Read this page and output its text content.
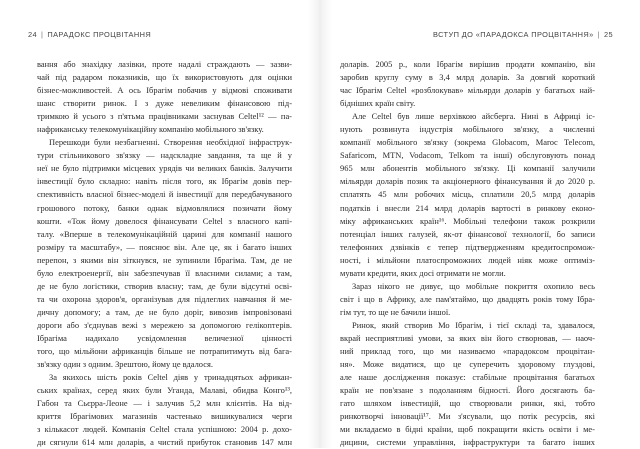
24 | ПАРАДОКС ПРОЦВІТАННЯ
вання або знахідку лазівки, проте надалі страждають — зазви-
чай під радаром показників, що їх використовують для оцінки
бізнес-можливостей. А ось Ібрагім побачив у відмові споживати
шанс створити ринок. І з дуже невеликим фінансовою під-
тримкою й усього з п'ятьма працівниками заснував Celtel¹² — па-
нафриканську телекомунікаційну компанію мобільного зв'язку.
Перешкоди були незбагненні. Створення необхідної інфраструк-
тури стільникового зв'язку — надскладне завдання, та ще й у
неї не було підтримки місцевих урядів чи великих банків. Залучити
інвестиції було складно: навіть після того, як Ібрагім довів пер-
спективність власної бізнес-моделі й інвестиції для передбачуваного
грошового потоку, банки однак відмовлялися позичати йому
кошти. «Тож йому довелося фінансувати Celtel з власного капі-
талу. «Вперше в телекомунікаційній царині для компанії нашого
розміру та масштабу», — пояснює він. Але це, як і багато інших
перепон, з якими він зіткнувся, не зупинили Ібрагіма. Там, де не
було електроенергії, він забезпечував її власними силами; а там,
де не було логістики, створив власну; там, де були відсутні осві-
та чи охорона здоров'я, організував для підлеглих навчання й ме-
дичну допомогу; а там, де не було доріг, вивозив імпровізовані
дороги або з'єднував вежі з мережею за допомогою гелікоптерів.
Ібрагіма надихало усвідомлення величезної цінності
того, що мільйони африканців більше не потрапитимуть від бага-
зв'язку один з одним. Зрештою, йому це вдалося.
За якихось шість років Celtel діяв у тринадцятьох африкан-
ських країнах, серед яких були Уганда, Малаві, обидва Конго¹³,
Габон та Сьєрра-Леоне — і залучив 5,2 млн клієнтів. На від-
криття Ібрагімових магазинів частенько вишикувалися черги
з кількасот людей. Компанія Celtel стала успішною: 2004 р. дохо-
ди сягнули 614 млн доларів, а чистий прибуток становив 147 млн
ВСТУП ДО «ПАРАДОКСА ПРОЦВІТАННЯ» | 25
доларів. 2005 р., коли Ібрагім вирішив продати компанію, він
заробив круглу суму в 3,4 млрд доларів. За довгий короткий
час Ібрагім Celtel «розблокував» мільярди доларів у багатьох най-
бідніших країн світу.
Але Celtel був лише верхівкою айсберга. Нині в Африці іс-
нують розвинута індустрія мобільного зв'язку, а численні
компанії мобільного зв'язку (зокрема Globacom, Maroc Telecom,
Safaricom, MTN, Vodacom, Telkom та інші) обслуговують понад
965 млн абонентів мобільного зв'язку. Ці компанії залучили
мільярди доларів позик та акціонерного фінансування й до 2020 р.
сплатять 45 млн робочих місць, сплатили 20,5 млрд доларів
податків і внесли 214 млрд доларів вартості в ринкову еконо-
міку африканських країн¹⁶. Мобільні телефони також розкрили
потенціал інших галузей, як-от фінансової технології, бо записи
телефонних дзвінків є тепер підтвердженням кредитоспромож-
ності, і мільйони платоспроможних людей ніяк може оптиміз-
мувати кредити, яких досі отримати не могли.
Зараз нікого не дивує, що мобільне покриття охопило весь
світ і що в Африку, але пам'ятаймо, що двадцять років тому Ібра-
гім тут, то ще не бачили іншої.
Ринок, який створив Мо Ібрагім, і тієї складі та, здавалося,
вкрай несприятливі умови, за яких він його створював, — наоч-
ний приклад того, що ми називаємо «парадоксом процвітан-
ня». Може видатися, що це суперечить здоровому глуздові,
але наше дослідження показує: стабільне процвітання багатьох
країн не пов'язане з подоланням бідності. Його досягають ба-
гато шляхом інвестицій, що створювали ринки, які, тобто
ринкотворчі інновації¹⁷. Ми з'ясували, що потік ресурсів, які
ми вкладаємо в бідні країни, щоб покращити якість освіти і ме-
дицини, системи управління, інфраструктури та багато інших
